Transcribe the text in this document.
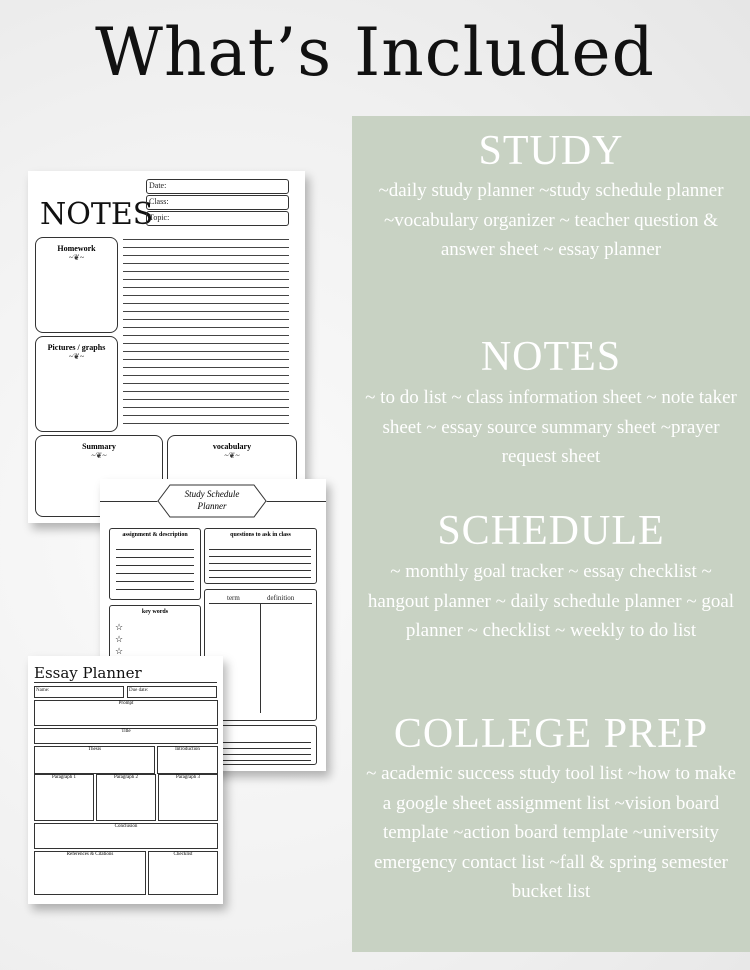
What’s Included
NOTES
Date:
Class:
Topic:
Homework
~❦~
Pictures / graphs
~❦~
Summary
~❦~
vocabulary
~❦~
Study Schedule Planner
assignment & description	questions to ask in class
key words
☆
☆
☆
term	definition
Essay Planner
Name:	Due date:
Prompt
Title
Thesis	Introduction
Paragraph 1	Paragraph 2	Paragraph 3
Conclusion
References & Citations	Checklist
STUDY
~daily study planner ~study schedule planner ~vocabulary organizer ~ teacher question & answer sheet ~ essay planner
NOTES
~ to do list ~ class information sheet ~ note taker sheet ~ essay source summary sheet ~prayer request sheet
SCHEDULE
~ monthly goal tracker ~ essay checklist ~ hangout planner ~ daily schedule planner ~ goal planner ~ checklist ~ weekly to do list
COLLEGE PREP
~ academic success study tool list ~how to make a google sheet assignment list ~vision board template ~action board template ~university emergency contact list ~fall & spring semester bucket list
